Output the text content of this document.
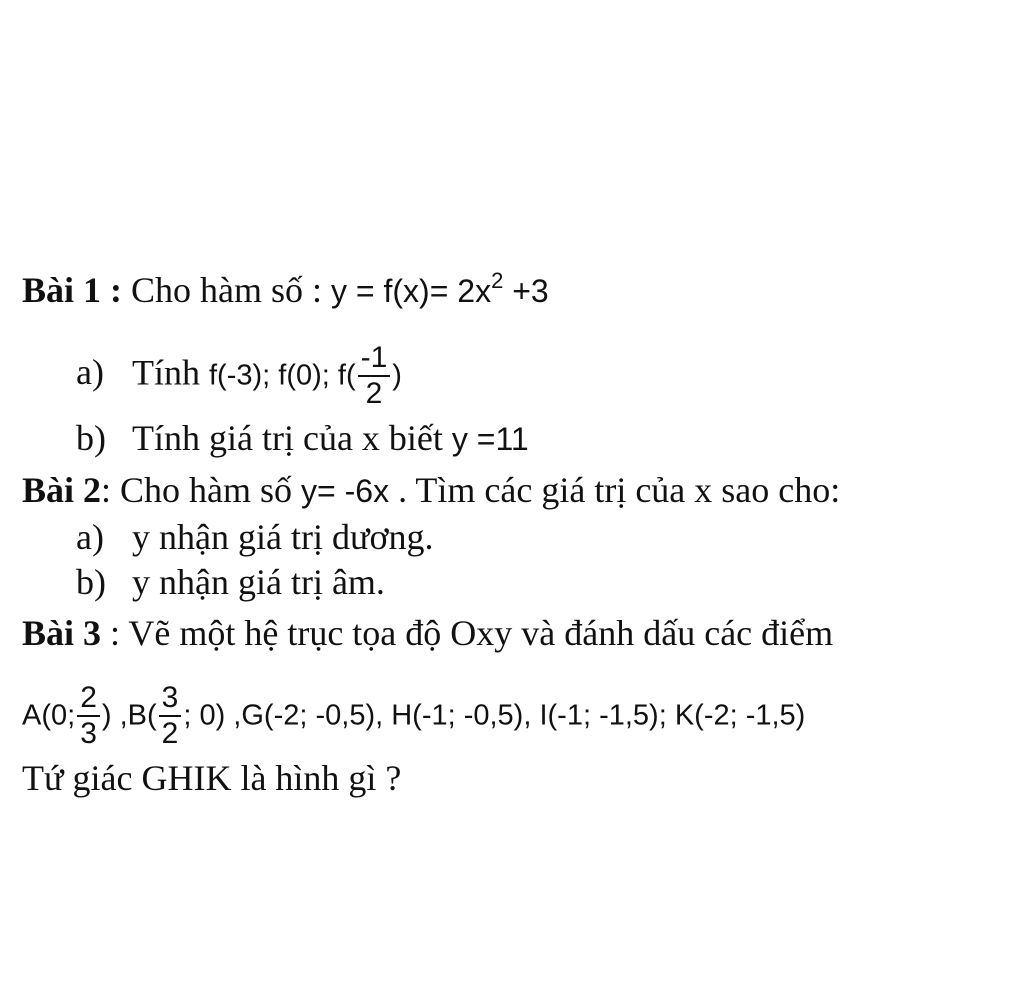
Bài 1 : Cho hàm số : $y = f(x)= 2x^2 +3$
a) Tính f(-3); f(0); $f( \frac{-1}{2}$ )
b) Tính giá trị của x biết y =11
Bài 2: Cho hàm số y= -6x . Tìm các giá trị của x sao cho:
a) y nhận giá trị dương.
b) y nhận giá trị âm.
Bài 3 : Vẽ một hệ trục tọa độ Oxy và đánh dấu các điểm
A(0; $\frac{2}{3}$ ) $,B( \frac{3}{2}$ ; 0) ,G(-2; -0,5), H(-1; -0,5), I(-1; -1,5); K(-2; -1,5)
Tứ giác GHIK là hình gì ?
